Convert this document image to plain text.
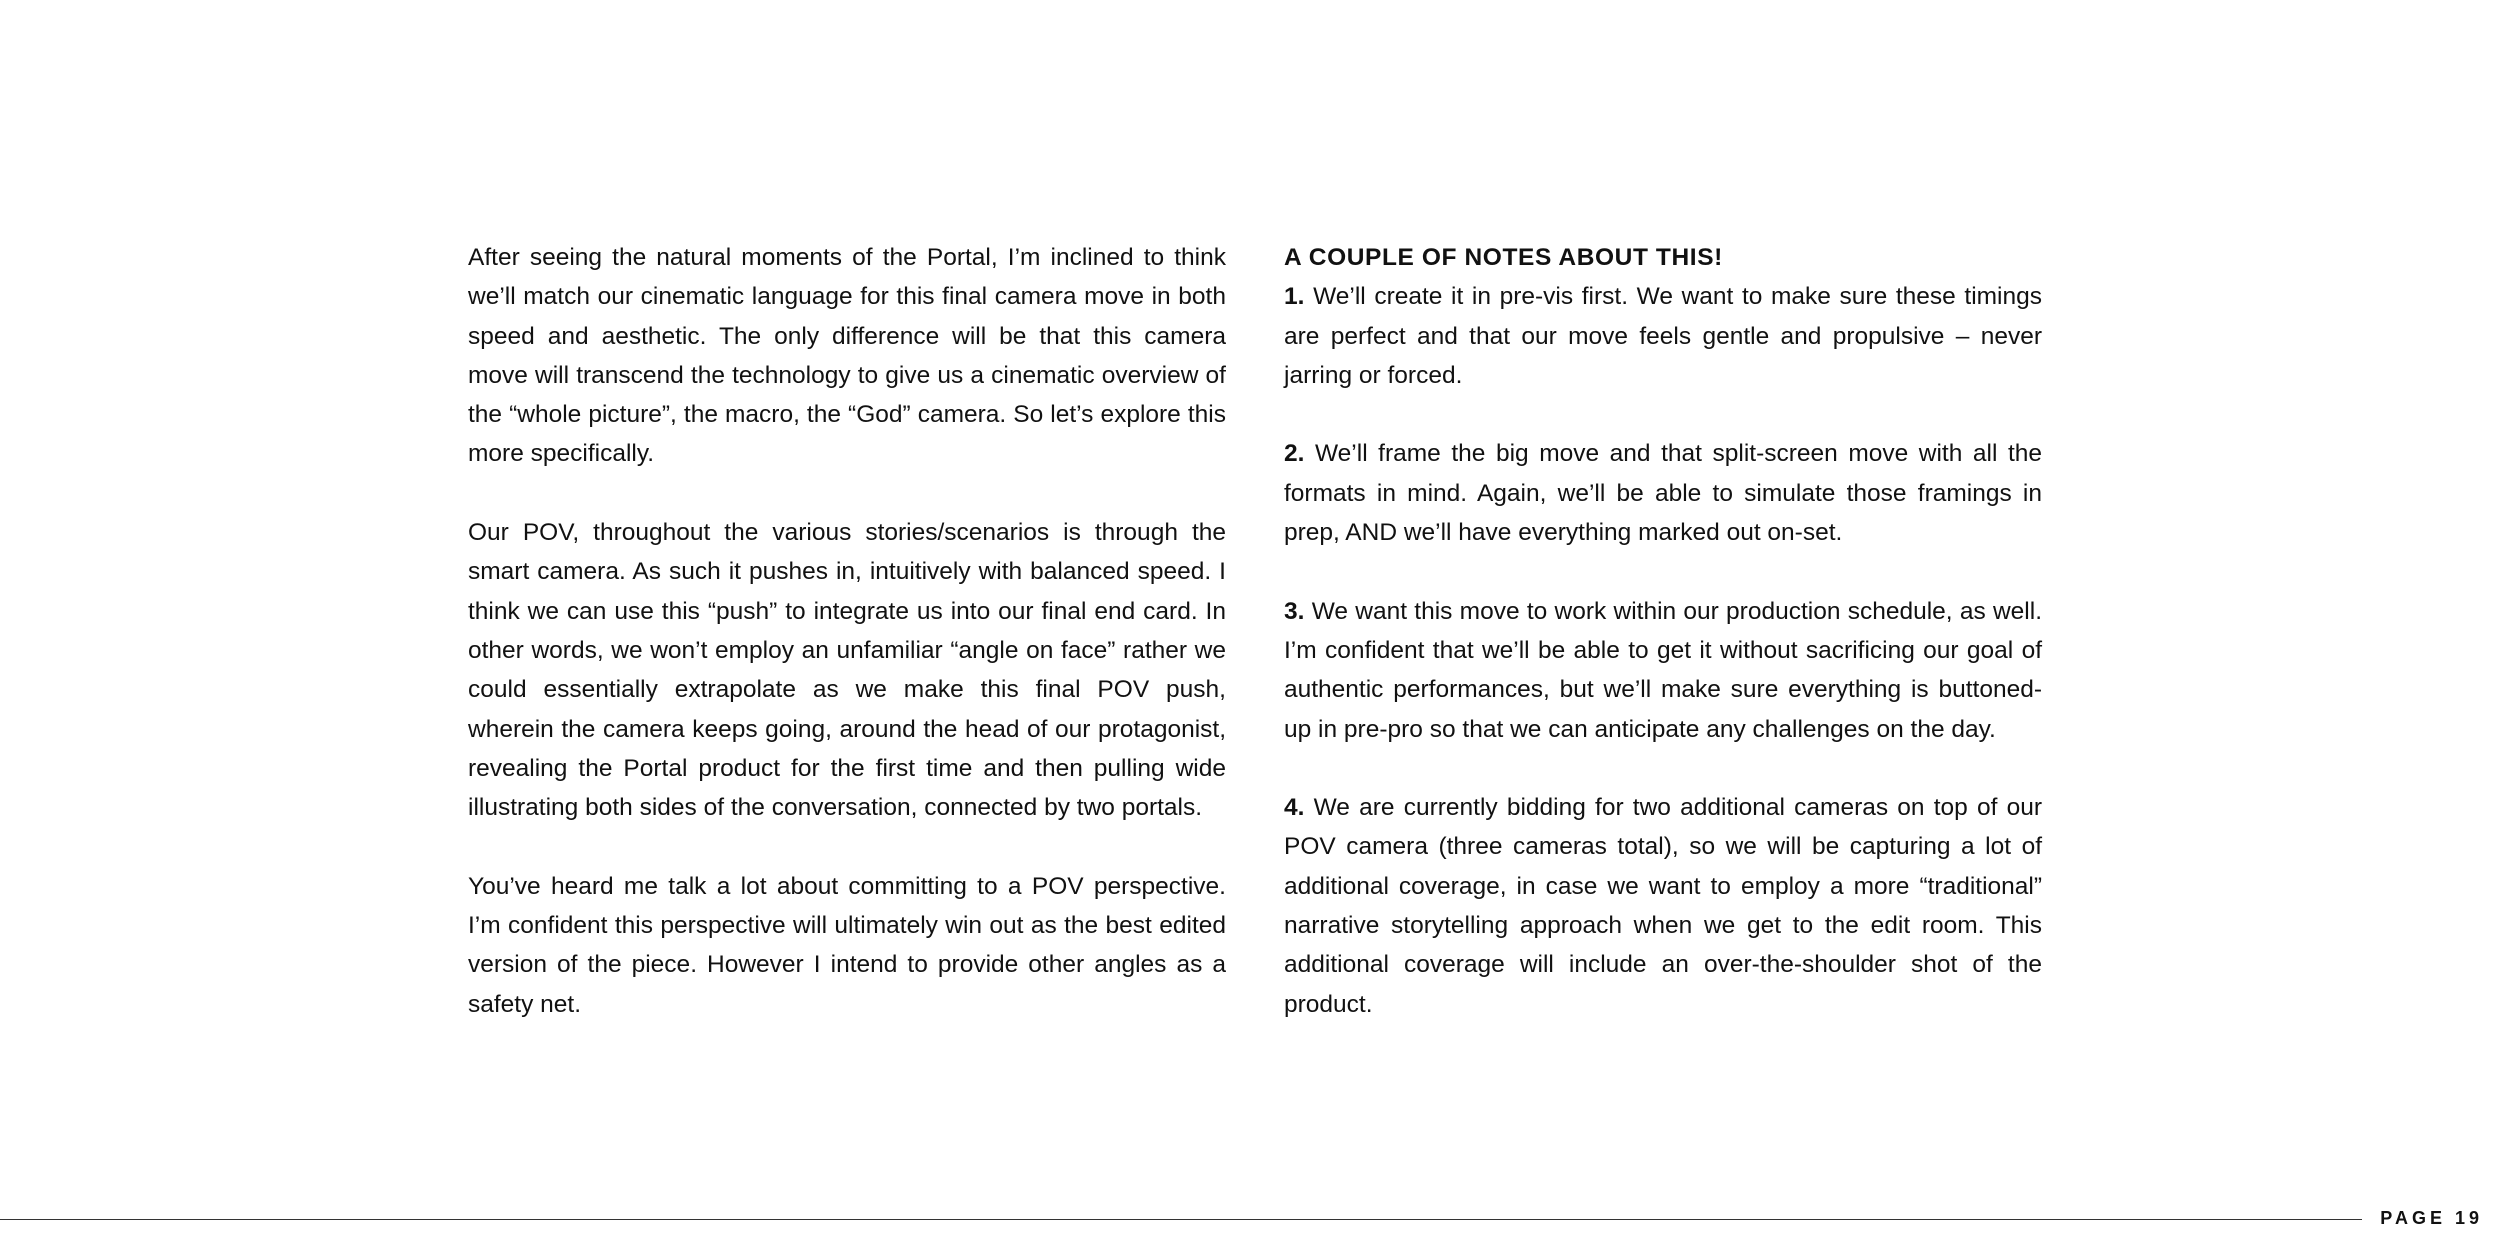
After seeing the natural moments of the Portal, I’m inclined to think we’ll match our cinematic language for this final camera move in both speed and aesthetic. The only difference will be that this camera move will transcend the technology to give us a cinematic overview of the “whole picture”, the macro, the “God” camera. So let’s explore this more specifically.

Our POV, throughout the various stories/scenarios is through the smart camera. As such it pushes in, intuitively with balanced speed. I think we can use this “push” to integrate us into our final end card. In other words, we won’t employ an unfamiliar “angle on face” rather we could essentially extrapolate as we make this final POV push, wherein the camera keeps going, around the head of our protagonist, revealing the Portal product for the first time and then pulling wide illustrating both sides of the conversation, connected by two portals.

You’ve heard me talk a lot about committing to a POV perspective. I’m confident this perspective will ultimately win out as the best edited version of the piece. However I intend to provide other angles as a safety net.

A COUPLE OF NOTES ABOUT THIS!

1. We’ll create it in pre-vis first. We want to make sure these timings are perfect and that our move feels gentle and propulsive – never jarring or forced.

2. We’ll frame the big move and that split-screen move with all the formats in mind. Again, we’ll be able to simulate those framings in prep, AND we’ll have everything marked out on-set.

3. We want this move to work within our production schedule, as well. I’m confident that we’ll be able to get it without sacrificing our goal of authentic performances, but we’ll make sure everything is buttoned-up in pre-pro so that we can anticipate any challenges on the day.

4. We are currently bidding for two additional cameras on top of our POV camera (three cameras total), so we will be capturing a lot of additional coverage, in case we want to employ a more “traditional” narrative storytelling approach when we get to the edit room. This additional coverage will include an over-the-shoulder shot of the product.

PAGE 19
